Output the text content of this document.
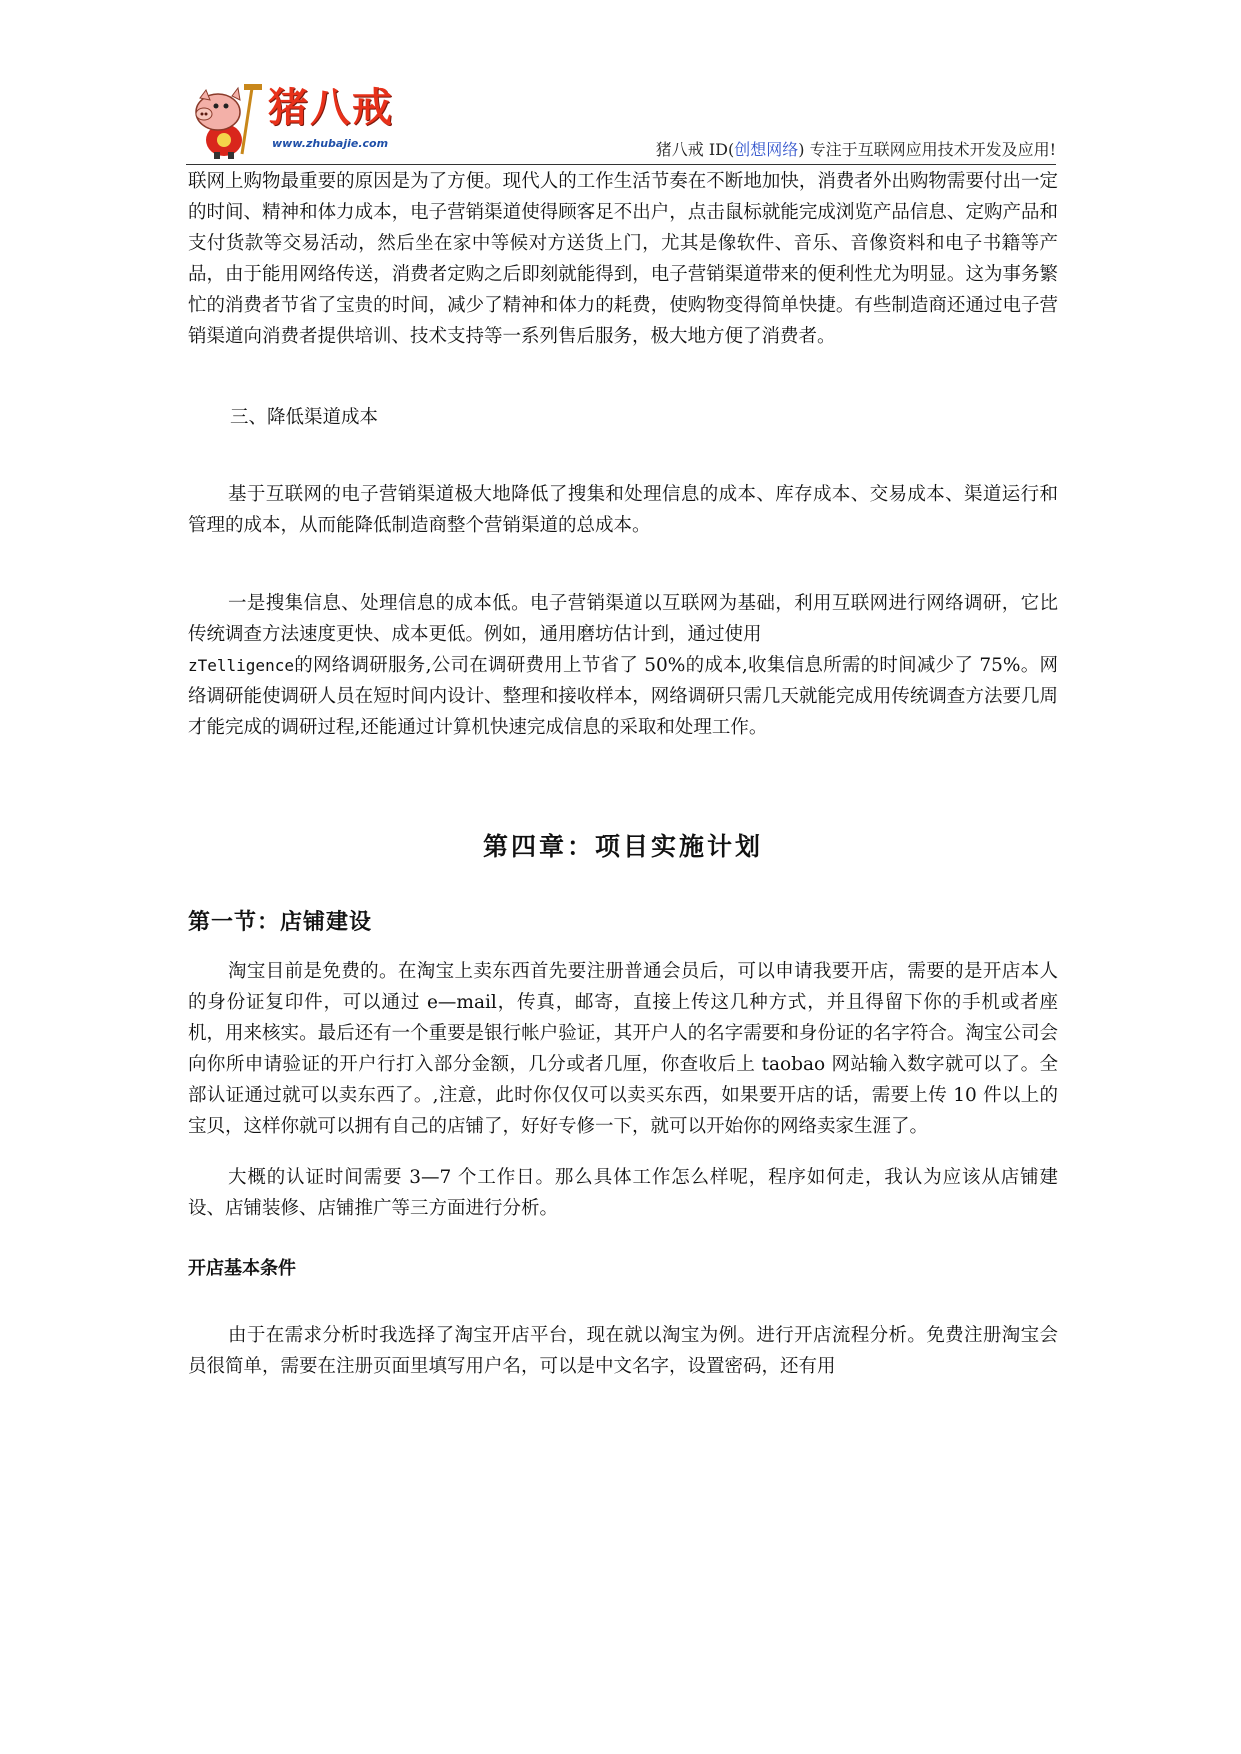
猪八戒
www.zhubajie.com	猪八戒 ID(创想网络) 专注于互联网应用技术开发及应用!

联网上购物最重要的原因是为了方便。现代人的工作生活节奏在不断地加快，消费者外出购物需要付出一定的时间、精神和体力成本，电子营销渠道使得顾客足不出户，点击鼠标就能完成浏览产品信息、定购产品和支付货款等交易活动，然后坐在家中等候对方送货上门，尤其是像软件、音乐、音像资料和电子书籍等产品，由于能用网络传送，消费者定购之后即刻就能得到，电子营销渠道带来的便利性尤为明显。这为事务繁忙的消费者节省了宝贵的时间，减少了精神和体力的耗费，使购物变得简单快捷。有些制造商还通过电子营销渠道向消费者提供培训、技术支持等一系列售后服务，极大地方便了消费者。

三、降低渠道成本

基于互联网的电子营销渠道极大地降低了搜集和处理信息的成本、库存成本、交易成本、渠道运行和管理的成本，从而能降低制造商整个营销渠道的总成本。

一是搜集信息、处理信息的成本低。电子营销渠道以互联网为基础，利用互联网进行网络调研，它比传统调查方法速度更快、成本更低。例如，通用磨坊估计到，通过使用
zTelligence的网络调研服务,公司在调研费用上节省了 50%的成本,收集信息所需的时间减少了 75%。网络调研能使调研人员在短时间内设计、整理和接收样本，网络调研只需几天就能完成用传统调查方法要几周才能完成的调研过程,还能通过计算机快速完成信息的采取和处理工作。

第四章：项目实施计划
第一节：店铺建设

淘宝目前是免费的。在淘宝上卖东西首先要注册普通会员后，可以申请我要开店，需要的是开店本人的身份证复印件，可以通过 e—mail，传真，邮寄，直接上传这几种方式，并且得留下你的手机或者座机，用来核实。最后还有一个重要是银行帐户验证，其开户人的名字需要和身份证的名字符合。淘宝公司会向你所申请验证的开户行打入部分金额，几分或者几厘，你查收后上 taobao 网站输入数字就可以了。全部认证通过就可以卖东西了。,注意，此时你仅仅可以卖买东西，如果要开店的话，需要上传 10 件以上的宝贝，这样你就可以拥有自己的店铺了，好好专修一下，就可以开始你的网络卖家生涯了。

大概的认证时间需要 3—7 个工作日。那么具体工作怎么样呢，程序如何走，我认为应该从店铺建设、店铺装修、店铺推广等三方面进行分析。

开店基本条件

由于在需求分析时我选择了淘宝开店平台，现在就以淘宝为例。进行开店流程分析。免费注册淘宝会员很简单，需要在注册页面里填写用户名，可以是中文名字，设置密码，还有用
